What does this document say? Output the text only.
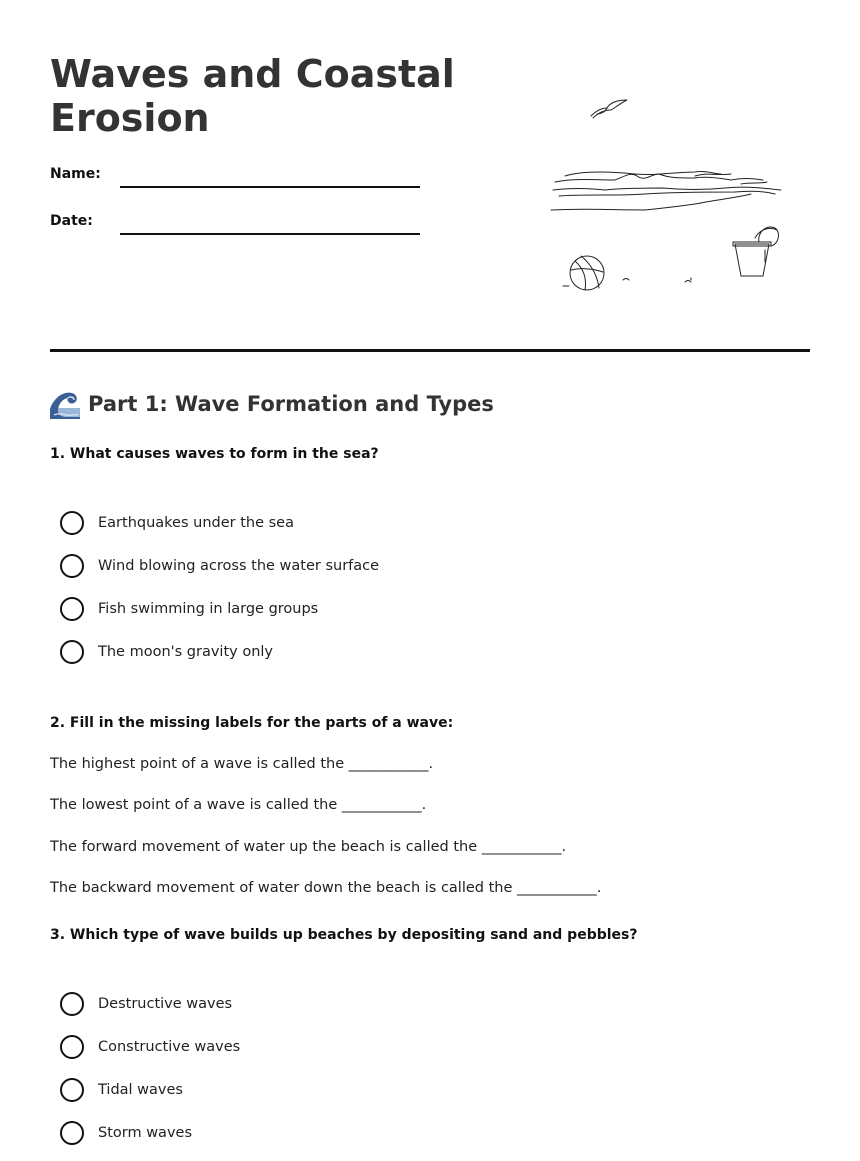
Waves and Coastal Erosion
Name:
Date:
Part 1: Wave Formation and Types
1. What causes waves to form in the sea?
Earthquakes under the sea
Wind blowing across the water surface
Fish swimming in large groups
The moon's gravity only
2. Fill in the missing labels for the parts of a wave:
The highest point of a wave is called the ___________.
The lowest point of a wave is called the ___________.
The forward movement of water up the beach is called the ___________.
The backward movement of water down the beach is called the ___________.
3. Which type of wave builds up beaches by depositing sand and pebbles?
Destructive waves
Constructive waves
Tidal waves
Storm waves
